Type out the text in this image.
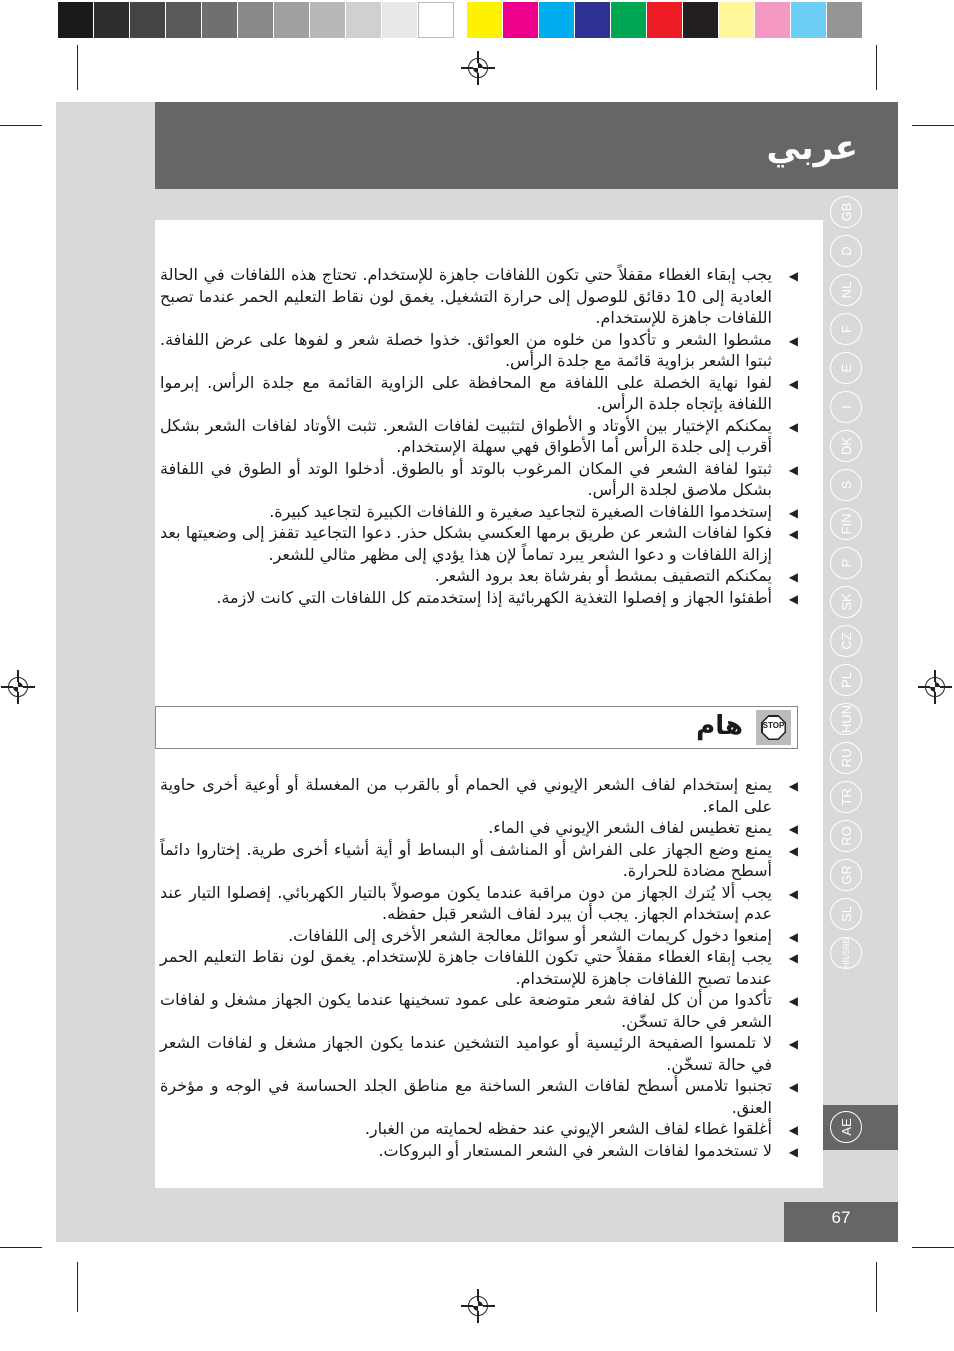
عربي
GB
D
NL
F
E
I
DK
S
FIN
P
SK
CZ
PL
HUN
RU
TR
RO
GR
SL
HR/SRB
AE
◀
يجب إبقاء الغطاء مقفلاً حتي تكون اللفافات جاهزة للإستخدام. تحتاج هذه اللفافات في الحالة العادية إلى 10 دقائق للوصول إلى حرارة التشغيل. يغمق لون نقاط التعليم الحمر عندما تصبح اللفافات جاهزة للإستخدام.
◀
مشطوا الشعر و تأكدوا من خلوه من العوائق. خذوا خصلة شعر و لفوها على عرض اللفافة. ثبتوا الشعر بزاوية قائمة مع جلدة الرأس.
◀
لفوا نهاية الخصلة على اللفافة مع المحافظة على الزاوية القائمة مع جلدة الرأس. إبرموا اللفافة بإتجاه جلدة الرأس.
◀
يمكنكم الإختيار بين الأوتاد و الأطواق لتثبيت لفافات الشعر. تثبت الأوتاد لفافات الشعر بشكل أقرب إلى جلدة الرأس أما الأطواق فهي سهلة الإستخدام.
◀
ثبتوا لفافة الشعر في المكان المرغوب بالوتد أو بالطوق. أدخلوا الوتد أو الطوق في اللفافة بشكل ملاصق لجلدة الرأس.
◀
إستخدموا اللفافات الصغيرة لتجاعيد صغيرة و اللفافات الكبيرة لتجاعيد كبيرة.
◀
فكوا لفافات الشعر عن طريق برمها العكسي بشكل حذر. دعوا التجاعيد تقفز إلى وضعيتها بعد إزالة اللفافات و دعوا الشعر يبرد تماماً لإن هذا يؤدي إلى مظهر مثالي للشعر.
◀
يمكنكم التصفيف بمشط أو بفرشاة بعد برود الشعر.
◀
أطفئوا الجهاز و إفصلوا التغذية الكهربائية إذا إستخدمتم كل اللفافات التي كانت لازمة.
STOP
هام
◀
يمنع إستخدام لفاف الشعر الإيوني في الحمام أو بالقرب من المغسلة أو أوعية أخرى حاوية على الماء.
◀
يمنع تغطيس لفاف الشعر الإيوني في الماء.
◀
يمنع وضع الجهاز على الفراش أو المناشف أو البساط أو أية أشياء أخرى طرية. إختاروا دائماً أسطح مضادة للحرارة.
◀
يجب ألا يُترك الجهاز من دون مراقبة عندما يكون موصولاً بالتيار الكهربائي. إفصلوا التيار عند عدم إستخدام الجهاز. يجب أن يبرد لفاف الشعر قبل حفظه.
◀
إمنعوا دخول كريمات الشعر أو سوائل معالجة الشعر الأخرى إلى اللفافات.
◀
يجب إبقاء الغطاء مقفلاً حتي تكون اللفافات جاهزة للإستخدام. يغمق لون نقاط التعليم الحمر عندما تصبح اللفافات جاهزة للإستخدام.
◀
تأكدوا من أن كل لفافة شعر متوضعة على عمود تسخينها عندما يكون الجهاز مشغل و لفافات الشعر في حالة تسخّن.
◀
لا تلمسوا الصفيحة الرئيسية أو عواميد التشخين عندما يكون الجهاز مشغل و لفافات الشعر في حالة تسخّن.
◀
تجنبوا تلامس أسطح لفافات الشعر الساخنة مع مناطق الجلد الحساسة في الوجه و مؤخرة العنق.
◀
أغلقوا غطاء لفاف الشعر الإيوني عند حفظه لحمايته من الغبار.
◀
لا تستخدموا لفافات الشعر في الشعر المستعار أو البروكات.
67
